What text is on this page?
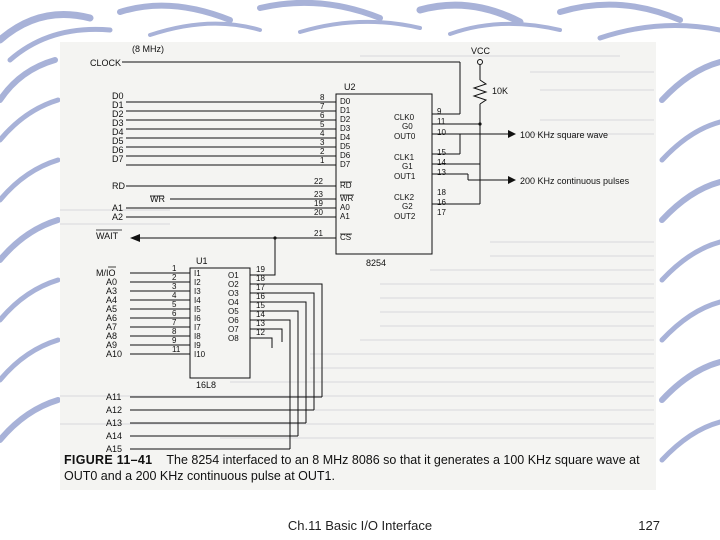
(8 MHz)
CLOCK
VCC
10K
U2
8254
D0
D1
D2
D3
D4
D5
D6
D7
RD
WR
A0
A1
CS
8
7
6
5
4
3
2
1
22
23
19
20
21
CLK0
G0
OUT0
CLK1
G1
OUT1
CLK2
G2
OUT2
9
11
10
15
14
13
18
16
17
D0
D1
D2
D3
D4
D5
D6
D7
RD
WR
A1
A2
WAIT
100 KHz square wave
200 KHz continuous pulses
U1
16L8
M/IO
A0
A3
A4
A5
A6
A7
A8
A9
A10
1
2
3
4
5
6
7
8
9
11
I1
I2
I3
I4
I5
I6
I7
I8
I9
I10
O1
O2
O3
O4
O5
O6
O7
O8
19
18
17
16
15
14
13
12
A11
A12
A13
A14
A15
FIGURE 11–41 The 8254 interfaced to an 8 MHz 8086 so that it generates a 100 KHz square wave at OUT0 and a 200 KHz continuous pulse at OUT1.
Ch.11 Basic I/O Interface	127
